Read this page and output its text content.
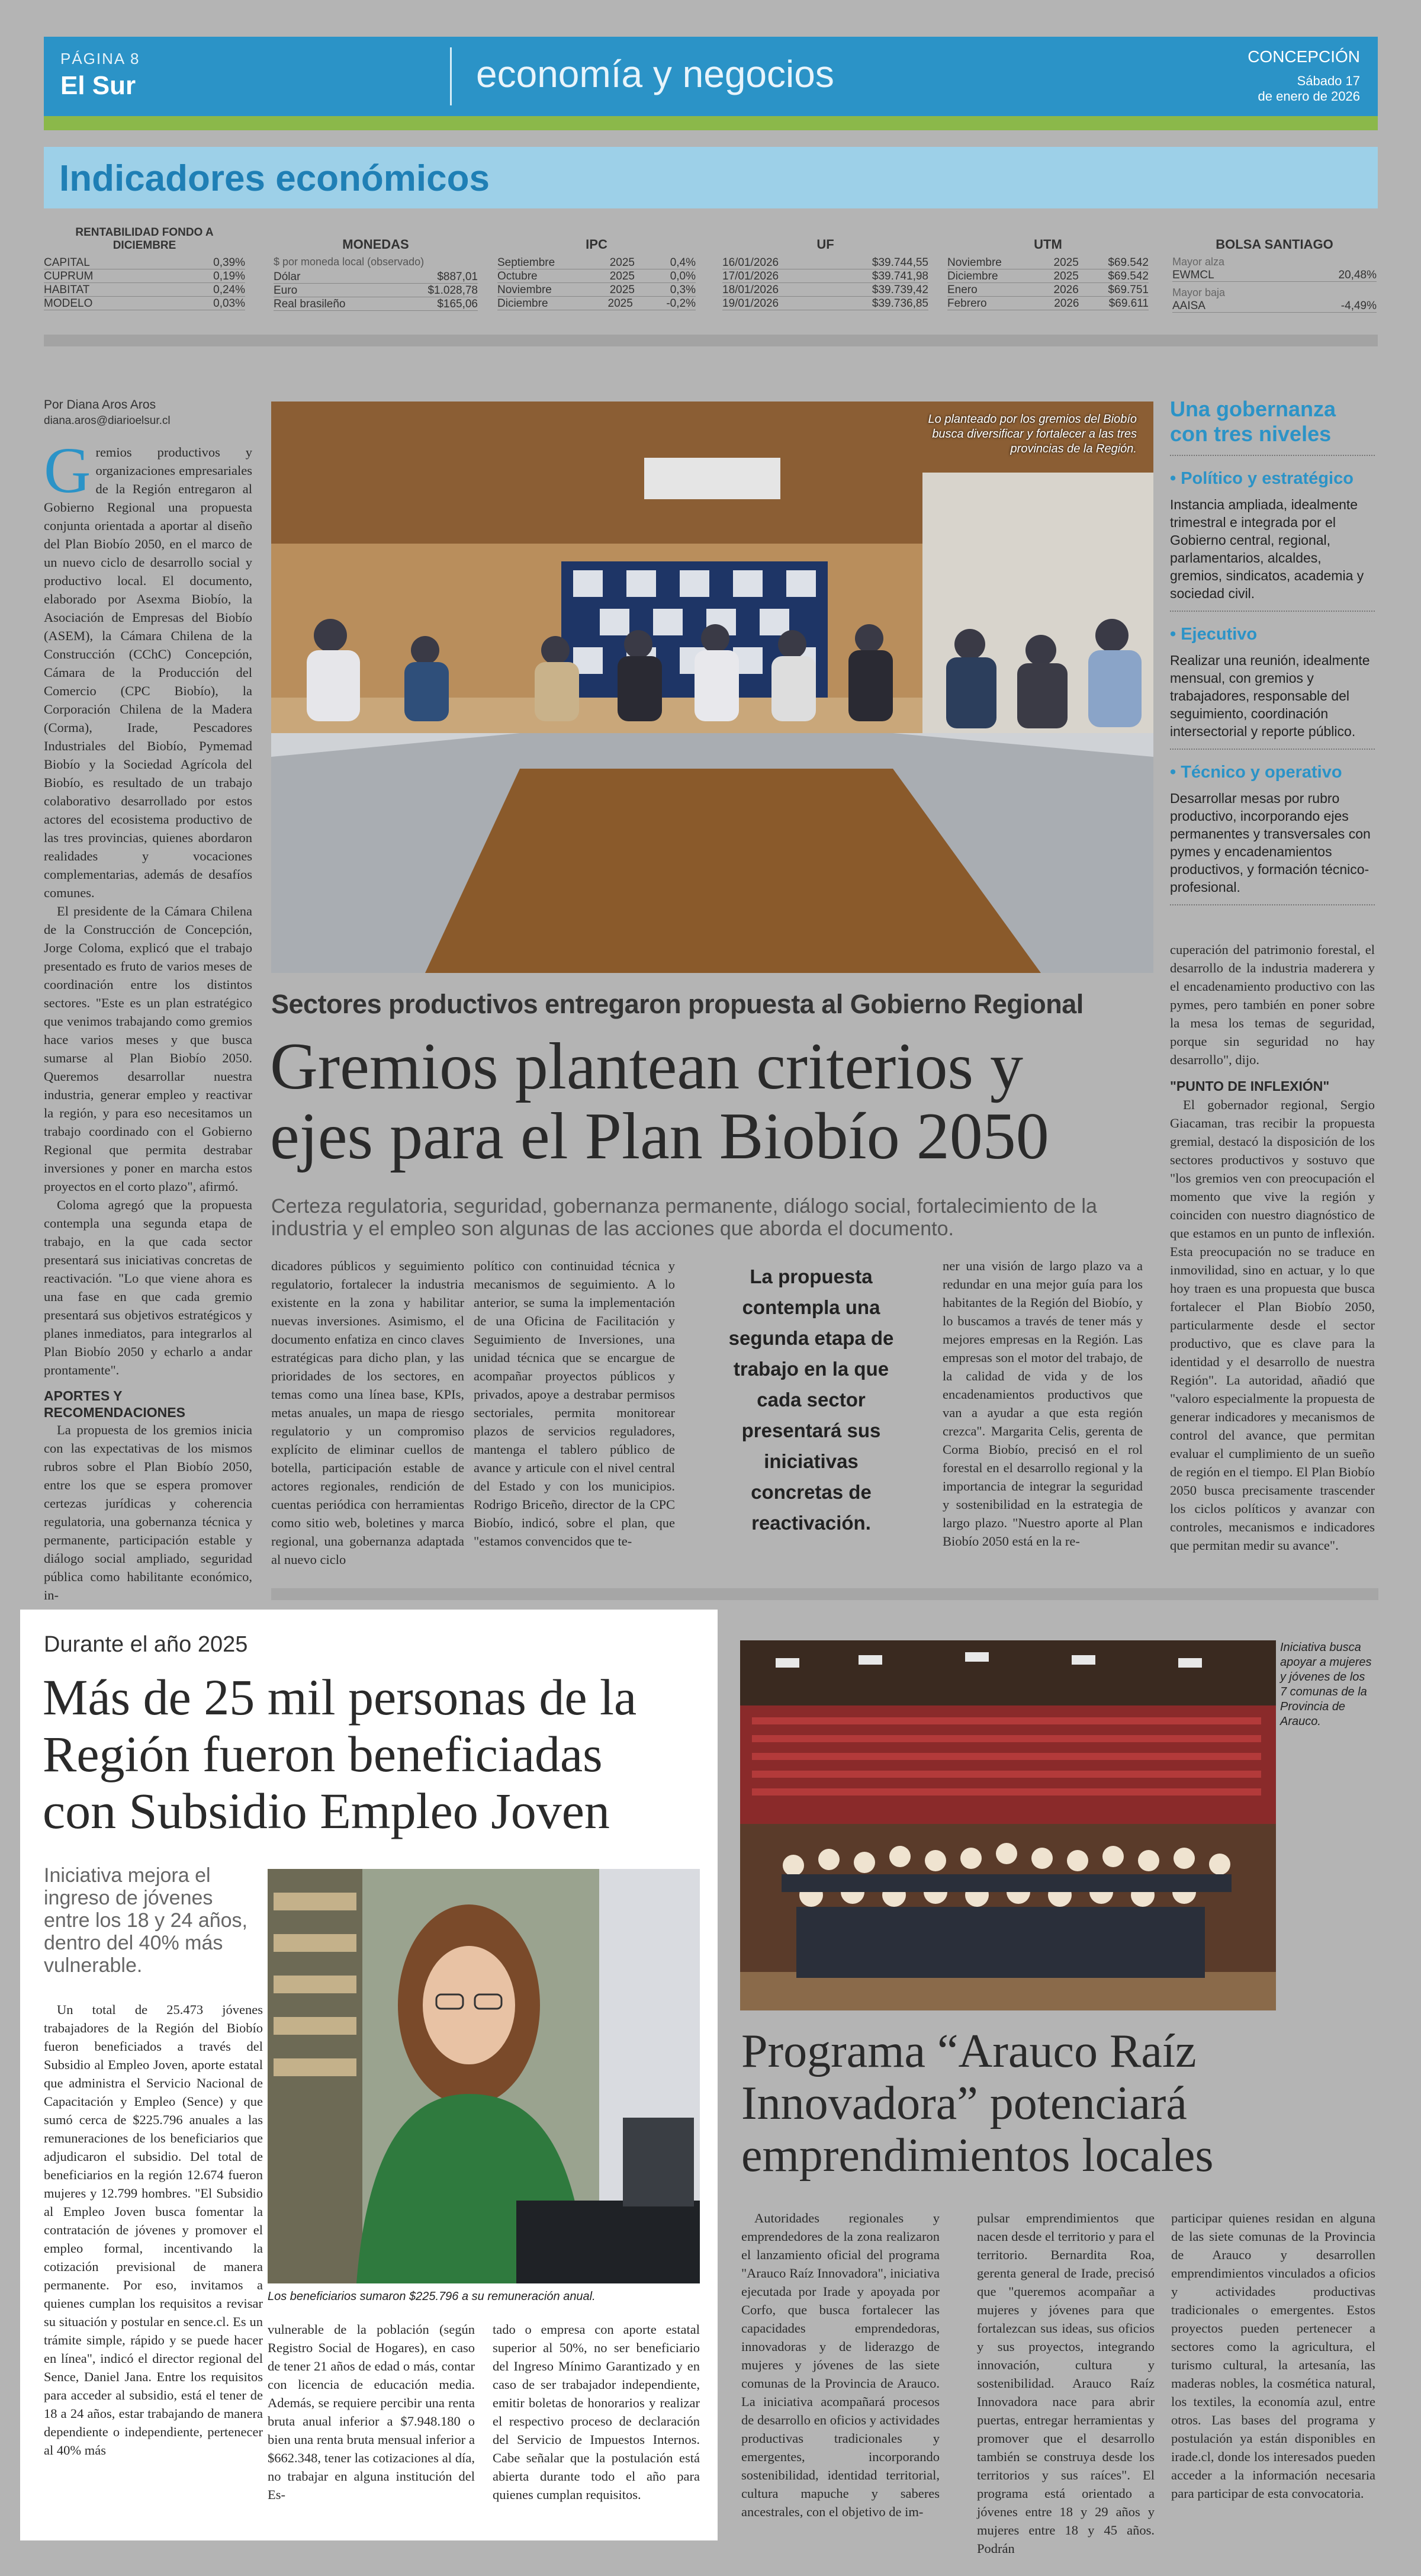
PÁGINA 8
El Sur	economía y negocios	CONCEPCIÓN
Sábado 17
de enero de 2026
Indicadores económicos
RENTABILIDAD FONDO A DICIEMBRE
CAPITAL	0,39%
CUPRUM	0,19%
HABITAT	0,24%
MODELO	0,03%
MONEDAS
$ por moneda local (observado)
Dólar	$887,01
Euro	$1.028,78
Real brasileño	$165,06
IPC
Septiembre	2025	0,4%
Octubre	2025	0,0%
Noviembre	2025	0,3%
Diciembre	2025	-0,2%
UF
16/01/2026	$39.744,55
17/01/2026	$39.741,98
18/01/2026	$39.739,42
19/01/2026	$39.736,85
UTM
Noviembre	2025	$69.542
Diciembre	2025	$69.542
Enero	2026	$69.751
Febrero	2026	$69.611
BOLSA SANTIAGO
Mayor alza
EWMCL	20,48%
Mayor baja
AAISA	-4,49%
Por Diana Aros Aros
diana.aros@diarioelsur.cl
Gremios productivos y organizaciones empresariales de la Región entregaron al Gobierno Regional una propuesta conjunta orientada a aportar al diseño del Plan Biobío 2050, en el marco de un nuevo ciclo de desarrollo social y productivo local. El documento, elaborado por Asexma Biobío, la Asociación de Empresas del Biobío (ASEM), la Cámara Chilena de la Construcción (CChC) Concepción, Cámara de la Producción del Comercio (CPC Biobío), la Corporación Chilena de la Madera (Corma), Irade, Pescadores Industriales del Biobío, Pymemad Biobío y la Sociedad Agrícola del Biobío, es resultado de un trabajo colaborativo desarrollado por estos actores del ecosistema productivo de las tres provincias, quienes abordaron realidades y vocaciones complementarias, además de desafíos comunes.

El presidente de la Cámara Chilena de la Construcción de Concepción, Jorge Coloma, explicó que el trabajo presentado es fruto de varios meses de coordinación entre los distintos sectores. "Este es un plan estratégico que venimos trabajando como gremios hace varios meses y que busca sumarse al Plan Biobío 2050. Queremos desarrollar nuestra industria, generar empleo y reactivar la región, y para eso necesitamos un trabajo coordinado con el Gobierno Regional que permita destrabar inversiones y poner en marcha estos proyectos en el corto plazo", afirmó.

Coloma agregó que la propuesta contempla una segunda etapa de trabajo, en la que cada sector presentará sus iniciativas concretas de reactivación. "Lo que viene ahora es una fase en que cada gremio presentará sus objetivos estratégicos y planes inmediatos, para integrarlos al Plan Biobío 2050 y echarlo a andar prontamente".

APORTES Y RECOMENDACIONES

La propuesta de los gremios inicia con las expectativas de los mismos rubros sobre el Plan Biobío 2050, entre los que se espera promover certezas jurídicas y coherencia regulatoria, una gobernanza técnica y permanente, participación estable y diálogo social ampliado, seguridad pública como habilitante económico, in-

Lo planteado por los gremios del Biobío busca diversificar y fortalecer a las tres provincias de la Región.
Sectores productivos entregaron propuesta al Gobierno Regional
Gremios plantean criterios y
ejes para el Plan Biobío 2050
Certeza regulatoria, seguridad, gobernanza permanente, diálogo social, fortalecimiento de la industria y el empleo son algunas de las acciones que aborda el documento.
dicadores públicos y seguimiento regulatorio, fortalecer la industria existente en la zona y habilitar nuevas inversiones. Asimismo, el documento enfatiza en cinco claves estratégicas para dicho plan, y las prioridades de los sectores, en temas como una línea base, KPIs, metas anuales, un mapa de riesgo regulatorio y un compromiso explícito de eliminar cuellos de botella, participación estable de actores regionales, rendición de cuentas periódica con herramientas como sitio web, boletines y marca regional, una gobernanza adaptada al nuevo ciclo
político con continuidad técnica y mecanismos de seguimiento. A lo anterior, se suma la implementación de una Oficina de Facilitación y Seguimiento de Inversiones, una unidad técnica que se encargue de acompañar proyectos públicos y privados, apoye a destrabar permisos sectoriales, permita monitorear plazos de servicios reguladores, mantenga el tablero público de avance y articule con el nivel central del Estado y con los municipios. Rodrigo Briceño, director de la CPC Biobío, indicó, sobre el plan, que "estamos convencidos que te-
La propuesta contempla una segunda etapa de trabajo en la que cada sector presentará sus iniciativas concretas de reactivación.
ner una visión de largo plazo va a redundar en una mejor guía para los habitantes de la Región del Biobío, y lo buscamos a través de tener más y mejores empresas en la Región. Las empresas son el motor del trabajo, de la calidad de vida y de los encadenamientos productivos que van a ayudar a que esta región crezca". Margarita Celis, gerenta de Corma Biobío, precisó en el rol forestal en el desarrollo regional y la importancia de integrar la seguridad y sostenibilidad en la estrategia de largo plazo. "Nuestro aporte al Plan Biobío 2050 está en la re-
Una gobernanza
con tres niveles
• Político y estratégico
Instancia ampliada, idealmente trimestral e integrada por el Gobierno central, regional, parlamentarios, alcaldes, gremios, sindicatos, academia y sociedad civil.
• Ejecutivo
Realizar una reunión, idealmente mensual, con gremios y trabajadores, responsable del seguimiento, coordinación intersectorial y reporte público.
• Técnico y operativo
Desarrollar mesas por rubro productivo, incorporando ejes permanentes y transversales con pymes y encadenamientos productivos, y formación técnico-profesional.

cuperación del patrimonio forestal, el desarrollo de la industria maderera y el encadenamiento productivo con las pymes, pero también en poner sobre la mesa los temas de seguridad, porque sin seguridad no hay desarrollo", dijo.

"PUNTO DE INFLEXIÓN"

El gobernador regional, Sergio Giacaman, tras recibir la propuesta gremial, destacó la disposición de los sectores productivos y sostuvo que "los gremios ven con preocupación el momento que vive la región y coinciden con nuestro diagnóstico de que estamos en un punto de inflexión. Esta preocupación no se traduce en inmovilidad, sino en actuar, y lo que hoy traen es una propuesta que busca fortalecer el Plan Biobío 2050, particularmente desde el sector productivo, que es clave para la identidad y el desarrollo de nuestra Región". La autoridad, añadió que "valoro especialmente la propuesta de generar indicadores y mecanismos de control del avance, que permitan evaluar el cumplimiento de un sueño de región en el tiempo. El Plan Biobío 2050 busca precisamente trascender los ciclos políticos y avanzar con controles, mecanismos e indicadores que permitan medir su avance".

Durante el año 2025
Más de 25 mil personas de la
Región fueron beneficiadas
con Subsidio Empleo Joven
Iniciativa mejora el ingreso de jóvenes entre los 18 y 24 años, dentro del 40% más vulnerable.
Un total de 25.473 jóvenes trabajadores de la Región del Biobío fueron beneficiados a través del Subsidio al Empleo Joven, aporte estatal que administra el Servicio Nacional de Capacitación y Empleo (Sence) y que sumó cerca de $225.796 anuales a las remuneraciones de los beneficiarios que adjudicaron el subsidio. Del total de beneficiarios en la región 12.674 fueron mujeres y 12.799 hombres. "El Subsidio al Empleo Joven busca fomentar la contratación de jóvenes y promover el empleo formal, incentivando la cotización previsional de manera permanente. Por eso, invitamos a quienes cumplan los requisitos a revisar su situación y postular en sence.cl. Es un trámite simple, rápido y se puede hacer en línea", indicó el director regional del Sence, Daniel Jana. Entre los requisitos para acceder al subsidio, está el tener de 18 a 24 años, estar trabajando de manera dependiente o independiente, pertenecer al 40% más
Los beneficiarios sumaron $225.796 a su remuneración anual.
vulnerable de la población (según Registro Social de Hogares), en caso de tener 21 años de edad o más, contar con licencia de educación media. Además, se requiere percibir una renta bruta anual inferior a $7.948.180 o bien una renta bruta mensual inferior a $662.348, tener las cotizaciones al día, no trabajar en alguna institución del Es-
tado o empresa con aporte estatal superior al 50%, no ser beneficiario del Ingreso Mínimo Garantizado y en caso de ser trabajador independiente, emitir boletas de honorarios y realizar el respectivo proceso de declaración del Servicio de Impuestos Internos. Cabe señalar que la postulación está abierta durante todo el año para quienes cumplan requisitos.
Iniciativa busca apoyar a mujeres y jóvenes de los 7 comunas de la Provincia de Arauco.
Programa “Arauco Raíz
Innovadora” potenciará
emprendimientos locales
Autoridades regionales y emprendedores de la zona realizaron el lanzamiento oficial del programa "Arauco Raíz Innovadora", iniciativa ejecutada por Irade y apoyada por Corfo, que busca fortalecer las capacidades emprendedoras, innovadoras y de liderazgo de mujeres y jóvenes de las siete comunas de la Provincia de Arauco. La iniciativa acompañará procesos de desarrollo en oficios y actividades productivas tradicionales y emergentes, incorporando sostenibilidad, identidad territorial, cultura mapuche y saberes ancestrales, con el objetivo de im-
pulsar emprendimientos que nacen desde el territorio y para el territorio. Bernardita Roa, gerenta general de Irade, precisó que "queremos acompañar a mujeres y jóvenes para que fortalezcan sus ideas, sus oficios y sus proyectos, integrando innovación, cultura y sostenibilidad. Arauco Raíz Innovadora nace para abrir puertas, entregar herramientas y promover que el desarrollo también se construya desde los territorios y sus raíces". El programa está orientado a jóvenes entre 18 y 29 años y mujeres entre 18 y 45 años. Podrán
participar quienes residan en alguna de las siete comunas de la Provincia de Arauco y desarrollen emprendimientos vinculados a oficios y actividades productivas tradicionales o emergentes. Estos proyectos pueden pertenecer a sectores como la agricultura, el turismo cultural, la artesanía, las maderas nobles, la cosmética natural, los textiles, la economía azul, entre otros. Las bases del programa y postulación ya están disponibles en irade.cl, donde los interesados pueden acceder a la información necesaria para participar de esta convocatoria.
